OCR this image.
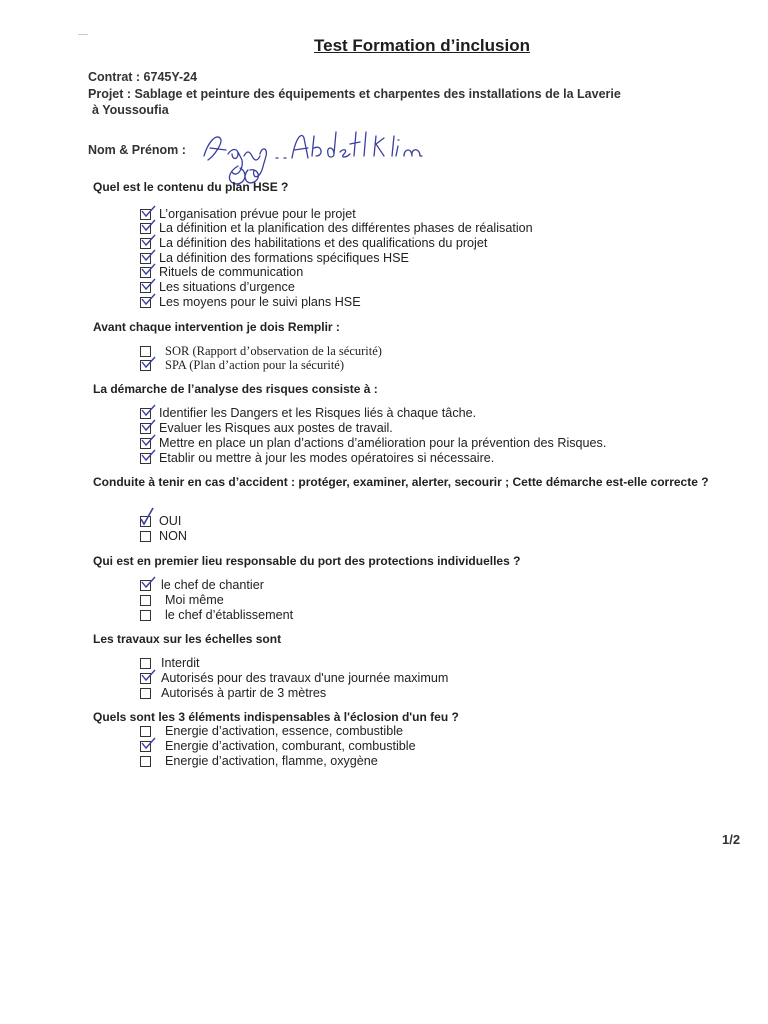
Test Formation d’inclusion
Contrat : 6745Y-24
Projet : Sablage et peinture des équipements et charpentes des installations de la Laverie
à Youssoufia
Nom & Prénom :
Quel est le contenu du plan HSE ?
L’organisation prévue pour le projet
La définition et la planification des différentes phases de réalisation
La définition des habilitations et des qualifications du projet
La définition des formations spécifiques HSE
Rituels de communication
Les situations d’urgence
Les moyens pour le suivi plans HSE
Avant chaque intervention je dois Remplir :
SOR (Rapport d’observation de la sécurité)
SPA (Plan d’action pour la sécurité)
La démarche de l’analyse des risques consiste à :
Identifier les Dangers et les Risques liés à chaque tâche.
Evaluer les Risques aux postes de travail.
Mettre en place un plan d’actions d’amélioration pour la prévention des Risques.
Etablir ou mettre à jour les modes opératoires si nécessaire.
Conduite à tenir en cas d’accident : protéger, examiner, alerter, secourir ; Cette démarche est-elle correcte ?
OUI
NON
Qui est en premier lieu responsable du port des protections individuelles ?
le chef de chantier
Moi même
le chef d’établissement
Les travaux sur les échelles sont
Interdit
Autorisés pour des travaux d'une journée maximum
Autorisés à partir de 3 mètres
Quels sont les 3 éléments indispensables à l'éclosion d'un feu ?
Energie d’activation, essence, combustible
Energie d’activation, comburant, combustible
Energie d’activation, flamme, oxygène
1/2
